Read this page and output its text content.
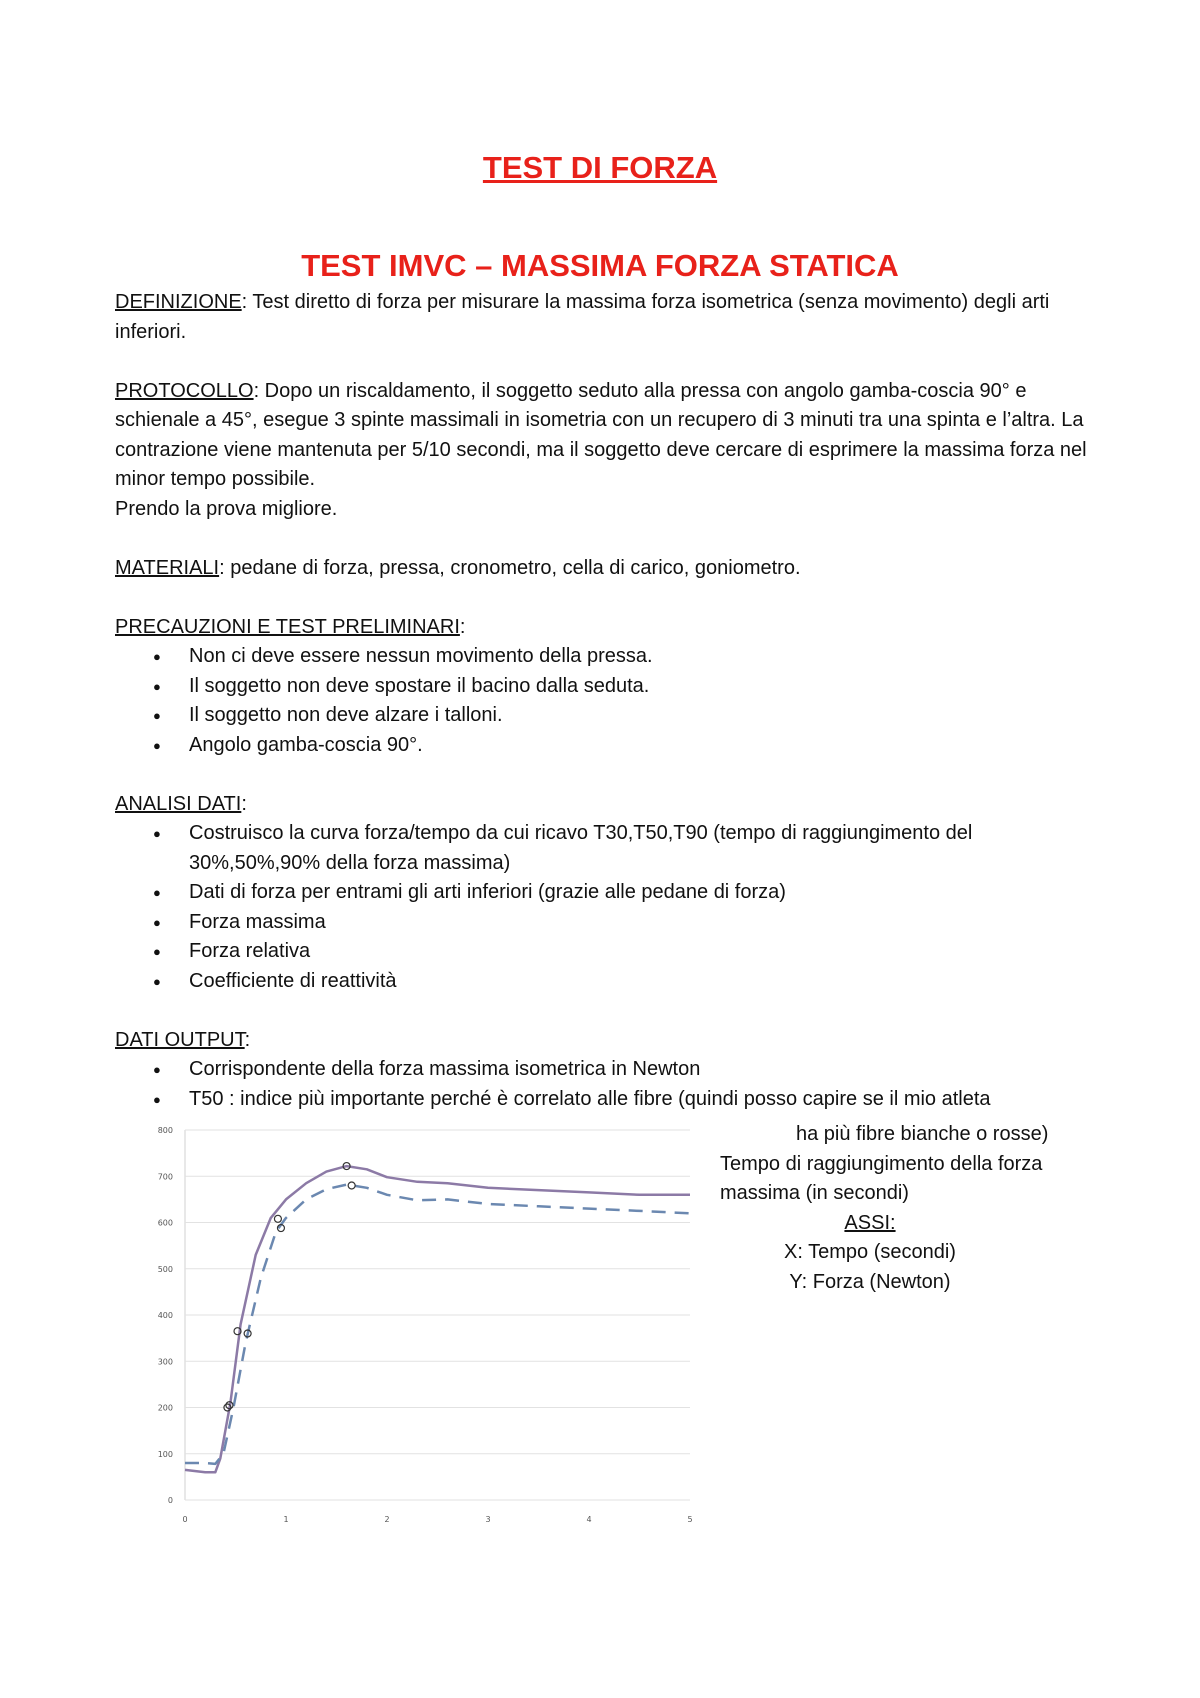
TEST DI FORZA
TEST IMVC – MASSIMA FORZA STATICA
DEFINIZIONE: Test diretto di forza per misurare la massima forza isometrica (senza movimento) degli arti inferiori.
PROTOCOLLO: Dopo un riscaldamento, il soggetto seduto alla pressa con angolo gamba-coscia 90° e schienale a 45°, esegue 3 spinte massimali in isometria con un recupero di 3 minuti tra una spinta e l’altra. La contrazione viene mantenuta per 5/10 secondi, ma il soggetto deve cercare di esprimere la massima forza nel minor tempo possibile.
Prendo la prova migliore.
MATERIALI: pedane di forza, pressa, cronometro, cella di carico, goniometro.
PRECAUZIONI E TEST PRELIMINARI:
● Non ci deve essere nessun movimento della pressa.
● Il soggetto non deve spostare il bacino dalla seduta.
● Il soggetto non deve alzare i talloni.
● Angolo gamba-coscia 90°.
ANALISI DATI:
● Costruisco la curva forza/tempo da cui ricavo T30,T50,T90 (tempo di raggiungimento del 30%,50%,90% della forza massima)
● Dati di forza per entrami gli arti inferiori (grazie alle pedane di forza)
● Forza massima
● Forza relativa
● Coefficiente di reattività
DATI OUTPUT:
● Corrispondente della forza massima isometrica in Newton
● T50 : indice più importante perché è correlato alle fibre (quindi posso capire se il mio atleta
ha più fibre bianche o rosse)
Tempo di raggiungimento della forza
massima (in secondi)
ASSI:
X: Tempo (secondi)
Y: Forza (Newton)
0
100
200
300
400
500
600
700
800
0	1	2	3	4	5
